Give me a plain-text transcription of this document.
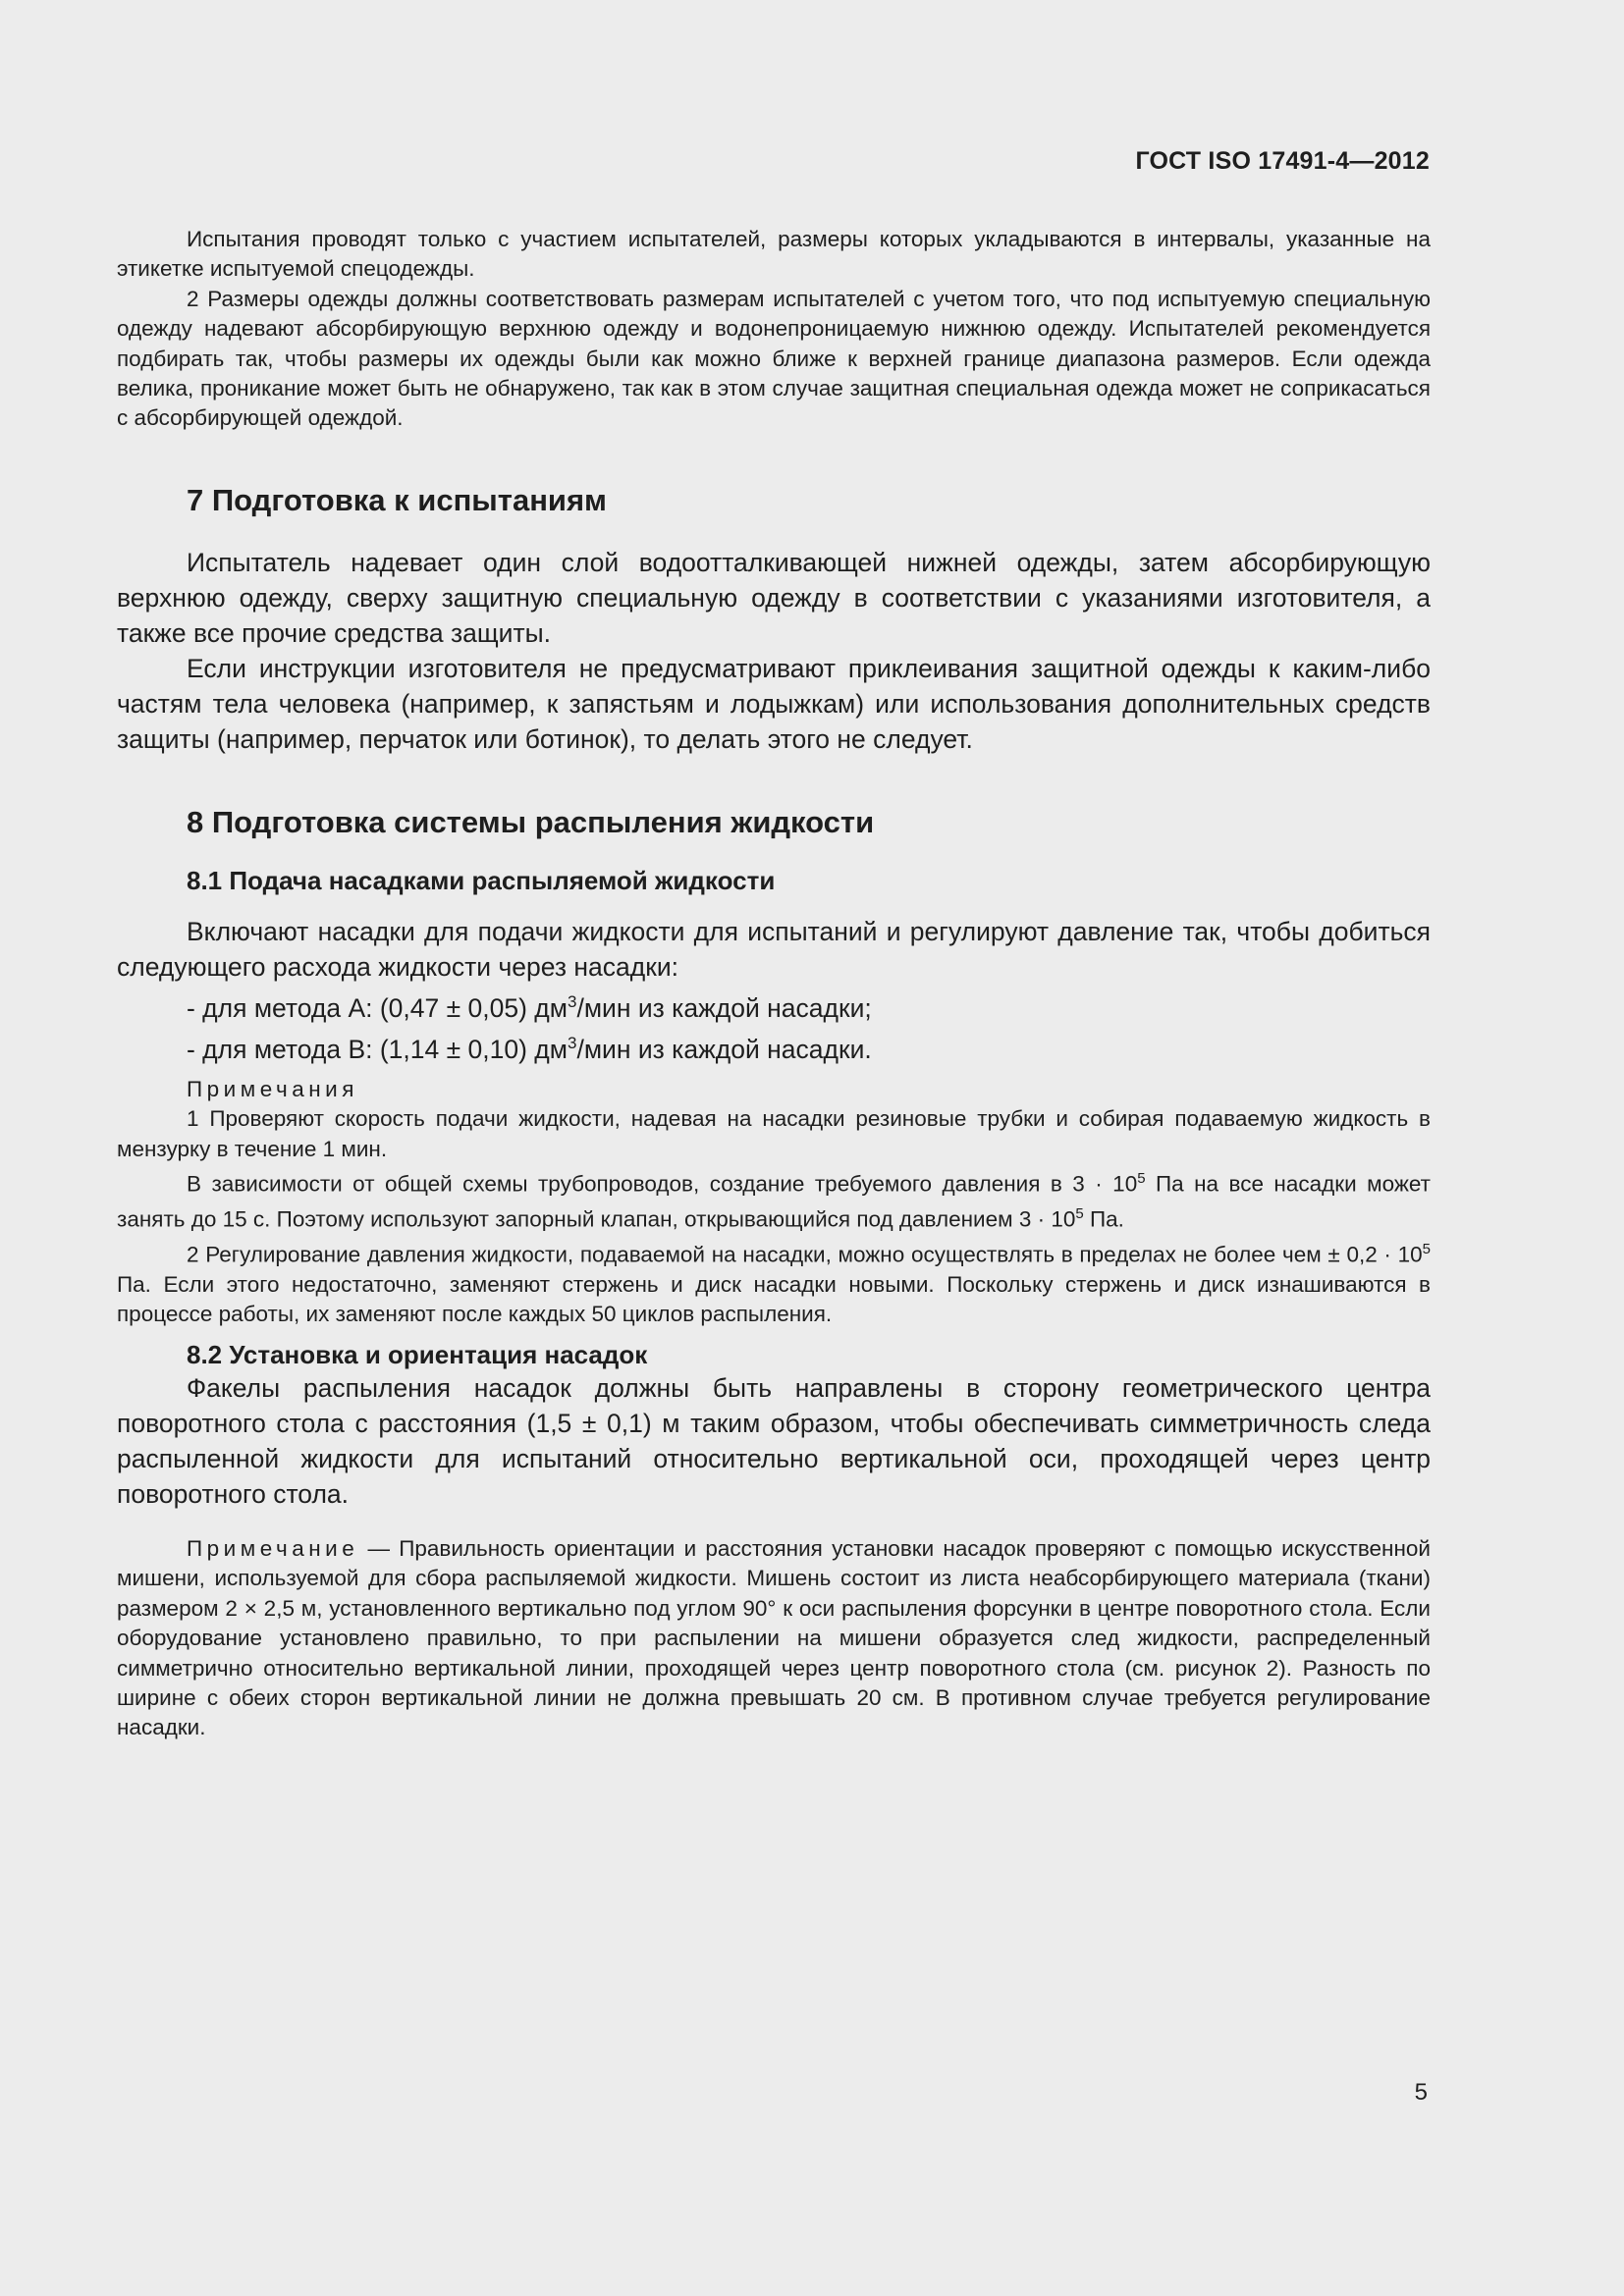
ГОСТ ISO 17491-4—2012

Испытания проводят только с участием испытателей, размеры которых укладываются в интервалы, указанные на этикетке испытуемой спецодежды.

2 Размеры одежды должны соответствовать размерам испытателей с учетом того, что под испытуемую специальную одежду надевают абсорбирующую верхнюю одежду и водонепроницаемую нижнюю одежду. Испытателей рекомендуется подбирать так, чтобы размеры их одежды были как можно ближе к верхней границе диапазона размеров. Если одежда велика, проникание может быть не обнаружено, так как в этом случае защитная специальная одежда может не соприкасаться с абсорбирующей одеждой.

7 Подготовка к испытаниям

Испытатель надевает один слой водоотталкивающей нижней одежды, затем абсорбирующую верхнюю одежду, сверху защитную специальную одежду в соответствии с указаниями изготовителя, а также все прочие средства защиты.

Если инструкции изготовителя не предусматривают приклеивания защитной одежды к каким-либо частям тела человека (например, к запястьям и лодыжкам) или использования дополнительных средств защиты (например, перчаток или ботинок), то делать этого не следует.

8 Подготовка системы распыления жидкости
8.1 Подача насадками распыляемой жидкости

Включают насадки для подачи жидкости для испытаний и регулируют давление так, чтобы добиться следующего расхода жидкости через насадки:

- для метода А: (0,47 ± 0,05) $дм^3$/мин из каждой насадки;

- для метода В: (1,14 ± 0,10) $дм^3$/мин из каждой насадки.

Примечания

1 Проверяют скорость подачи жидкости, надевая на насадки резиновые трубки и собирая подаваемую жидкость в мензурку в течение 1 мин.

В зависимости от общей схемы трубопроводов, создание требуемого давления в $3 \cdot 10^5$ Па на все насадки может занять до 15 с. Поэтому используют запорный клапан, открывающийся под давлением $3 \cdot 10^5$ Па.

2 Регулирование давления жидкости, подаваемой на насадки, можно осуществлять в пределах не более чем ± $0,2 \cdot 10^5$ Па. Если этого недостаточно, заменяют стержень и диск насадки новыми. Поскольку стержень и диск изнашиваются в процессе работы, их заменяют после каждых 50 циклов распыления.

8.2 Установка и ориентация насадок

Факелы распыления насадок должны быть направлены в сторону геометрического центра поворотного стола с расстояния (1,5 ± 0,1) м таким образом, чтобы обеспечивать симметричность следа распыленной жидкости для испытаний относительно вертикальной оси, проходящей через центр поворотного стола.

Примечание — Правильность ориентации и расстояния установки насадок проверяют с помощью искусственной мишени, используемой для сбора распыляемой жидкости. Мишень состоит из листа неабсорбирующего материала (ткани) размером 2 × 2,5 м, установленного вертикально под углом 90° к оси распыления форсунки в центре поворотного стола. Если оборудование установлено правильно, то при распылении на мишени образуется след жидкости, распределенный симметрично относительно вертикальной линии, проходящей через центр поворотного стола (см. рисунок 2). Разность по ширине с обеих сторон вертикальной линии не должна превышать 20 см. В противном случае требуется регулирование насадки.

5
